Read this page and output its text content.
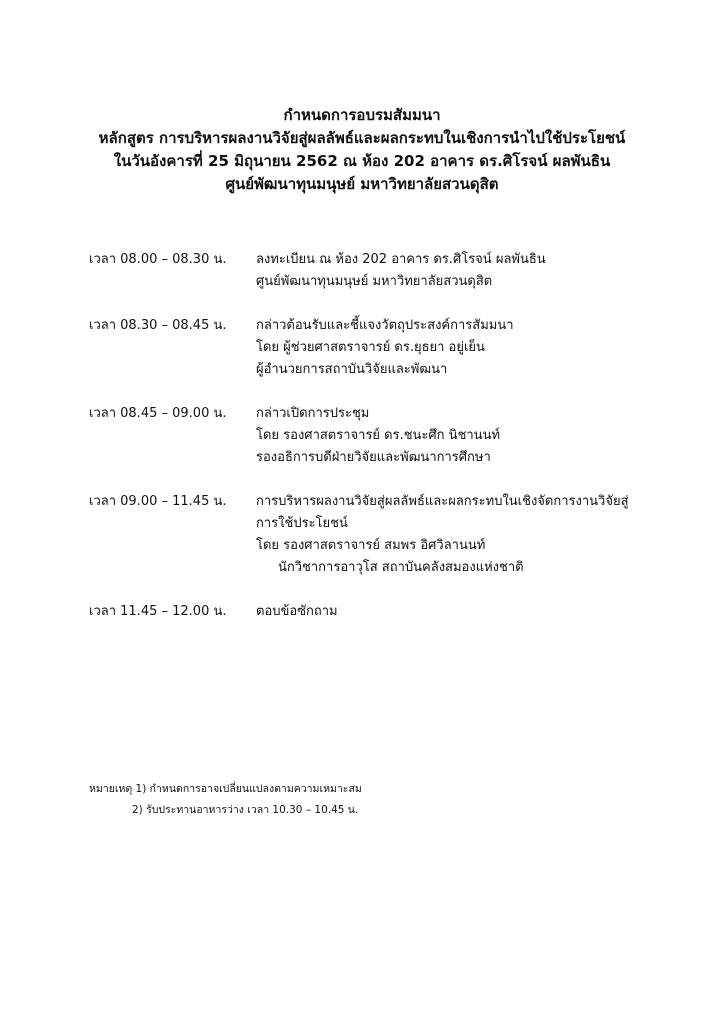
กำหนดการอบรมสัมมนา
หลักสูตร การบริหารผลงานวิจัยสู่ผลลัพธ์และผลกระทบในเชิงการนำไปใช้ประโยชน์
ในวันอังคารที่ 25 มิถุนายน 2562 ณ ห้อง 202 อาคาร ดร.ศิโรจน์ ผลพันธิน
ศูนย์พัฒนาทุนมนุษย์ มหาวิทยาลัยสวนดุสิต
เวลา 08.00 – 08.30 น.	ลงทะเบียน ณ ห้อง 202 อาคาร ดร.ศิโรจน์ ผลพันธิน
ศูนย์พัฒนาทุนมนุษย์ มหาวิทยาลัยสวนดุสิต
เวลา 08.30 – 08.45 น.	กล่าวต้อนรับและชี้แจงวัตถุประสงค์การสัมมนา
โดย ผู้ช่วยศาสตราจารย์ ดร.ยุธยา อยู่เย็น
ผู้อำนวยการสถาบันวิจัยและพัฒนา
เวลา 08.45 – 09.00 น.	กล่าวเปิดการประชุม
โดย รองศาสตราจารย์ ดร.ชนะศึก นิชานนท์
รองอธิการบดีฝ่ายวิจัยและพัฒนาการศึกษา
เวลา 09.00 – 11.45 น.	การบริหารผลงานวิจัยสู่ผลลัพธ์และผลกระทบในเชิงจัดการงานวิจัยสู่
การใช้ประโยชน์
โดย รองศาสตราจารย์ สมพร อิศวิลานนท์
นักวิชาการอาวุโส สถาบันคลังสมองแห่งชาติ
เวลา 11.45 – 12.00 น.	ตอบข้อซักถาม
หมายเหตุ 1) กำหนดการอาจเปลี่ยนแปลงตามความเหมาะสม
2) รับประทานอาหารว่าง เวลา 10.30 – 10.45 น.
